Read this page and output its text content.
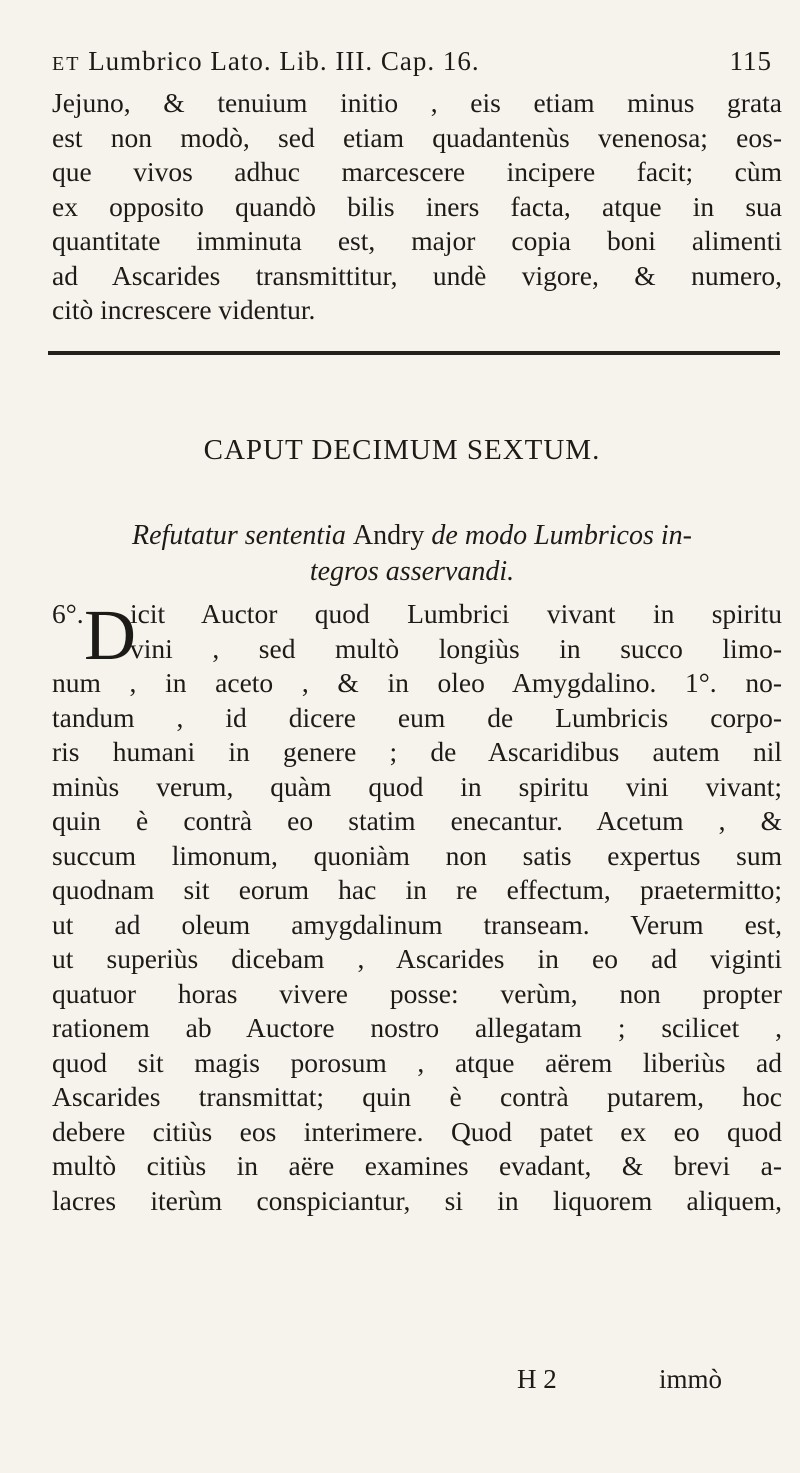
ET Lumbrico Lato. Lib. III. Cap. 16.	115
Jejuno, & tenuium initio , eis etiam minus grata
est non modò, sed etiam quadantenùs venenosa; eos-
que vivos adhuc marcescere incipere facit; cùm
ex opposito quandò bilis iners facta, atque in sua
quantitate imminuta est, major copia boni alimenti
ad Ascarides transmittitur, undè vigore, & numero,
citò increscere videntur.
CAPUT DECIMUM SEXTUM.
Refutatur sententia Andry de modo Lumbricos in-
tegros asservandi.
6°. icit Auctor quod Lumbrici vivant in spiritu
vini , sed multò longiùs in succo limo-
num , in aceto , & in oleo Amygdalino. 1°. no-
tandum , id dicere eum de Lumbricis corpo-
ris humani in genere ; de Ascaridibus autem nil
minùs verum, quàm quod in spiritu vini vivant;
quin è contrà eo statim enecantur. Acetum , &
succum limonum, quoniàm non satis expertus sum
quodnam sit eorum hac in re effectum, praetermitto;
ut ad oleum amygdalinum transeam. Verum est,
ut superiùs dicebam , Ascarides in eo ad viginti
quatuor horas vivere posse: verùm, non propter
rationem ab Auctore nostro allegatam ; scilicet ,
quod sit magis porosum , atque aërem liberiùs ad
Ascarides transmittat; quin è contrà putarem, hoc
debere citiùs eos interimere. Quod patet ex eo quod
multò citiùs in aëre examines evadant, & brevi a-
lacres iterùm conspiciantur, si in liquorem aliquem,
D
H 2	immò
